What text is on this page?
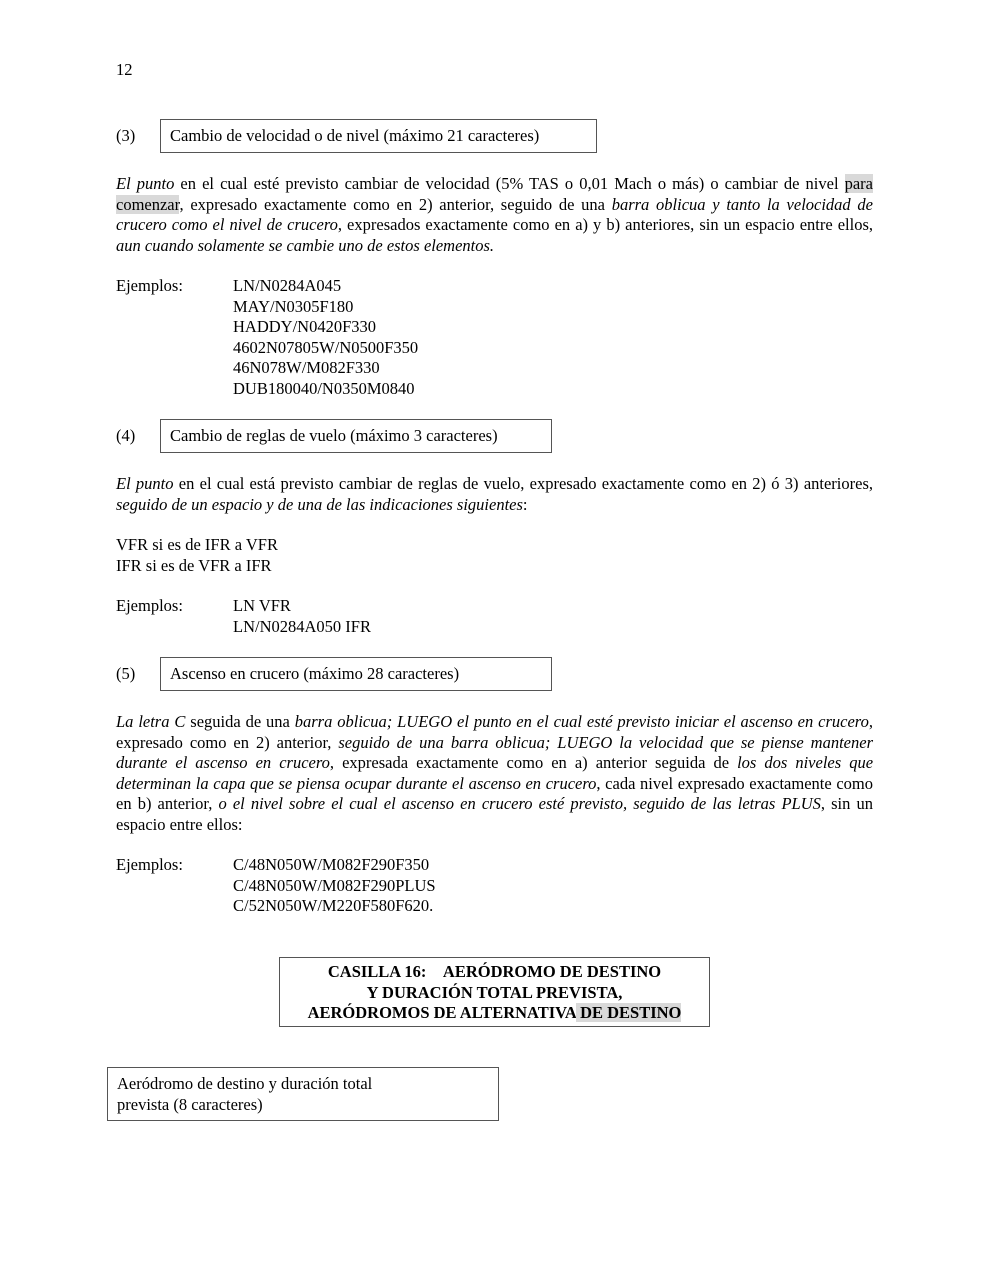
12
(3) Cambio de velocidad o de nivel (máximo 21 caracteres)
El punto en el cual esté previsto cambiar de velocidad (5% TAS o 0,01 Mach o más) o cambiar de nivel para comenzar, expresado exactamente como en 2) anterior, seguido de una barra oblicua y tanto la velocidad de crucero como el nivel de crucero, expresados exactamente como en a) y b) anteriores, sin un espacio entre ellos, aun cuando solamente se cambie uno de estos elementos.
Ejemplos:	LN/N0284A045
MAY/N0305F180
HADDY/N0420F330
4602N07805W/N0500F350
46N078W/M082F330
DUB180040/N0350M0840
(4) Cambio de reglas de vuelo (máximo 3 caracteres)
El punto en el cual está previsto cambiar de reglas de vuelo, expresado exactamente como en 2) ó 3) anteriores, seguido de un espacio y de una de las indicaciones siguientes:
VFR si es de IFR a VFR
IFR si es de VFR a IFR
Ejemplos:	LN VFR
LN/N0284A050 IFR
(5) Ascenso en crucero (máximo 28 caracteres)
La letra C seguida de una barra oblicua; LUEGO el punto en el cual esté previsto iniciar el ascenso en crucero, expresado como en 2) anterior, seguido de una barra oblicua; LUEGO la velocidad que se piense mantener durante el ascenso en crucero, expresada exactamente como en a) anterior seguida de los dos niveles que determinan la capa que se piensa ocupar durante el ascenso en crucero, cada nivel expresado exactamente como en b) anterior, o el nivel sobre el cual el ascenso en crucero esté previsto, seguido de las letras PLUS, sin un espacio entre ellos:
Ejemplos:	C/48N050W/M082F290F350
C/48N050W/M082F290PLUS
C/52N050W/M220F580F620.
CASILLA 16:    AERÓDROMO DE DESTINO
Y DURACIÓN TOTAL PREVISTA,
AERÓDROMOS DE ALTERNATIVA DE DESTINO
Aeródromo de destino y duración total
prevista (8 caracteres)
